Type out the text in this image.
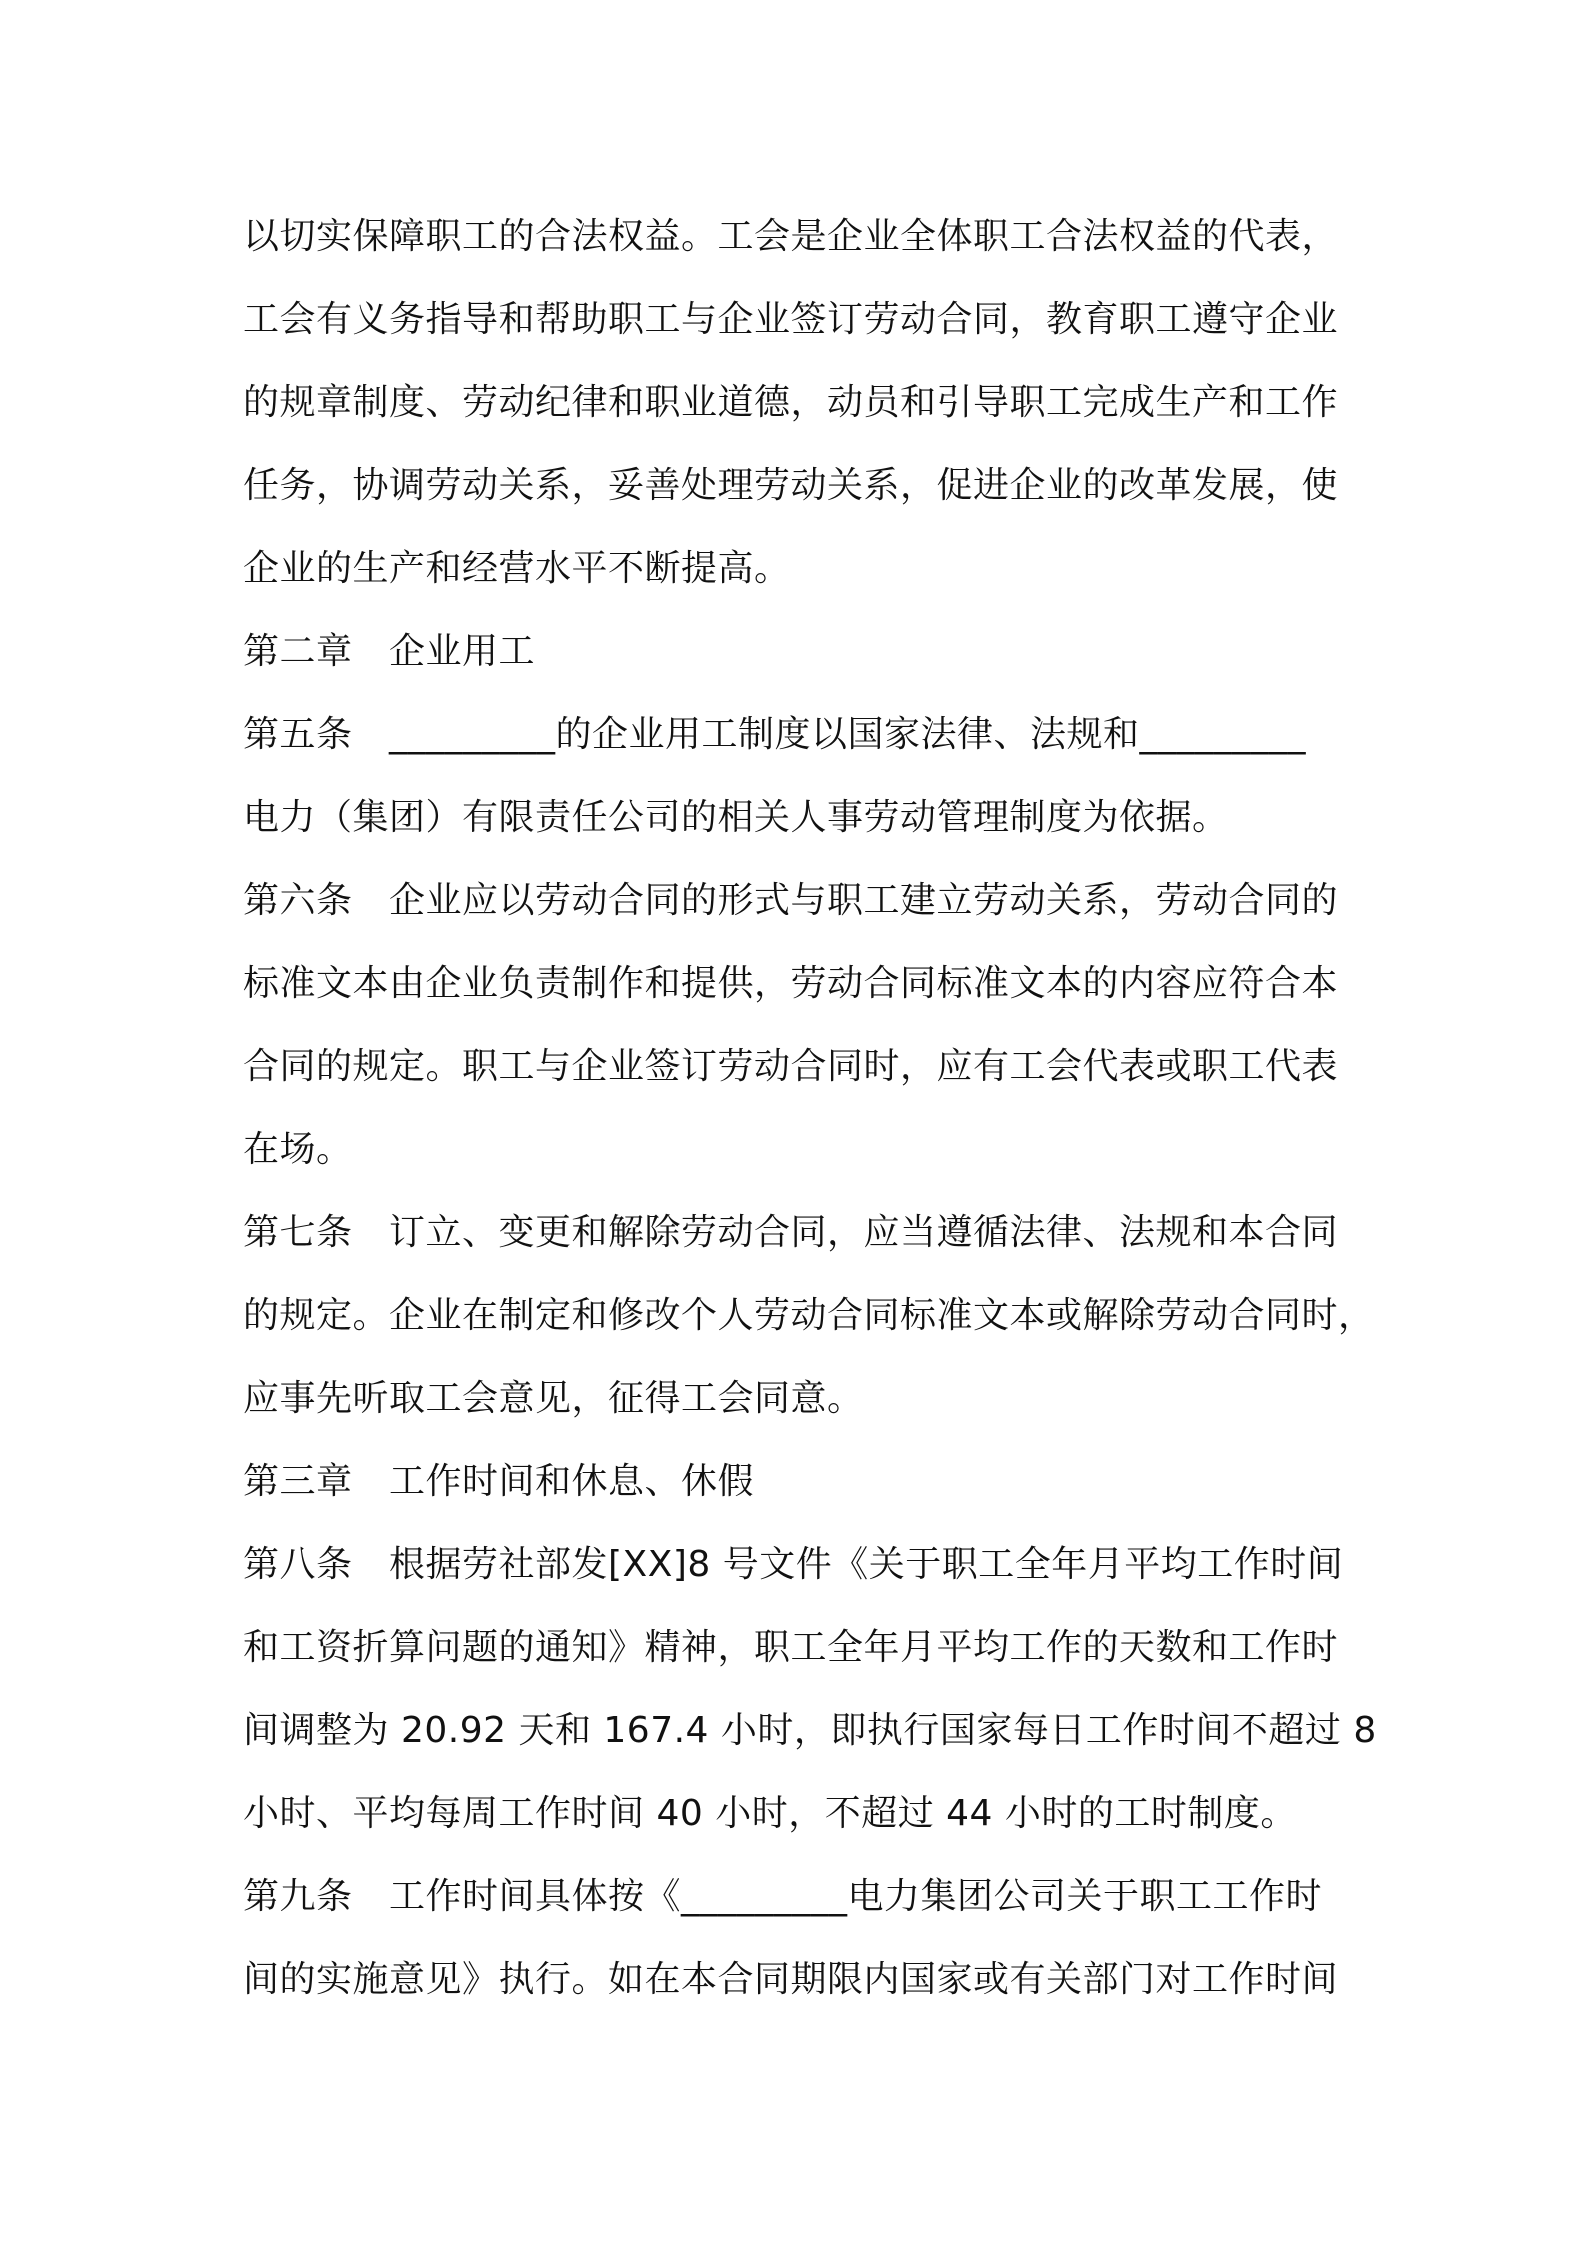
以切实保障职工的合法权益。工会是企业全体职工合法权益的代表，
工会有义务指导和帮助职工与企业签订劳动合同，教育职工遵守企业
的规章制度、劳动纪律和职业道德，动员和引导职工完成生产和工作
任务，协调劳动关系，妥善处理劳动关系，促进企业的改革发展，使
企业的生产和经营水平不断提高。
第二章　企业用工
第五条　_________的企业用工制度以国家法律、法规和_________
电力（集团）有限责任公司的相关人事劳动管理制度为依据。
第六条　企业应以劳动合同的形式与职工建立劳动关系，劳动合同的
标准文本由企业负责制作和提供，劳动合同标准文本的内容应符合本
合同的规定。职工与企业签订劳动合同时，应有工会代表或职工代表
在场。
第七条　订立、变更和解除劳动合同，应当遵循法律、法规和本合同
的规定。企业在制定和修改个人劳动合同标准文本或解除劳动合同时，
应事先听取工会意见，征得工会同意。
第三章　工作时间和休息、休假
第八条　根据劳社部发[XX]8 号文件《关于职工全年月平均工作时间
和工资折算问题的通知》精神，职工全年月平均工作的天数和工作时
间调整为 20.92 天和 167.4 小时，即执行国家每日工作时间不超过 8
小时、平均每周工作时间 40 小时，不超过 44 小时的工时制度。
第九条　工作时间具体按《_________电力集团公司关于职工工作时
间的实施意见》执行。如在本合同期限内国家或有关部门对工作时间
